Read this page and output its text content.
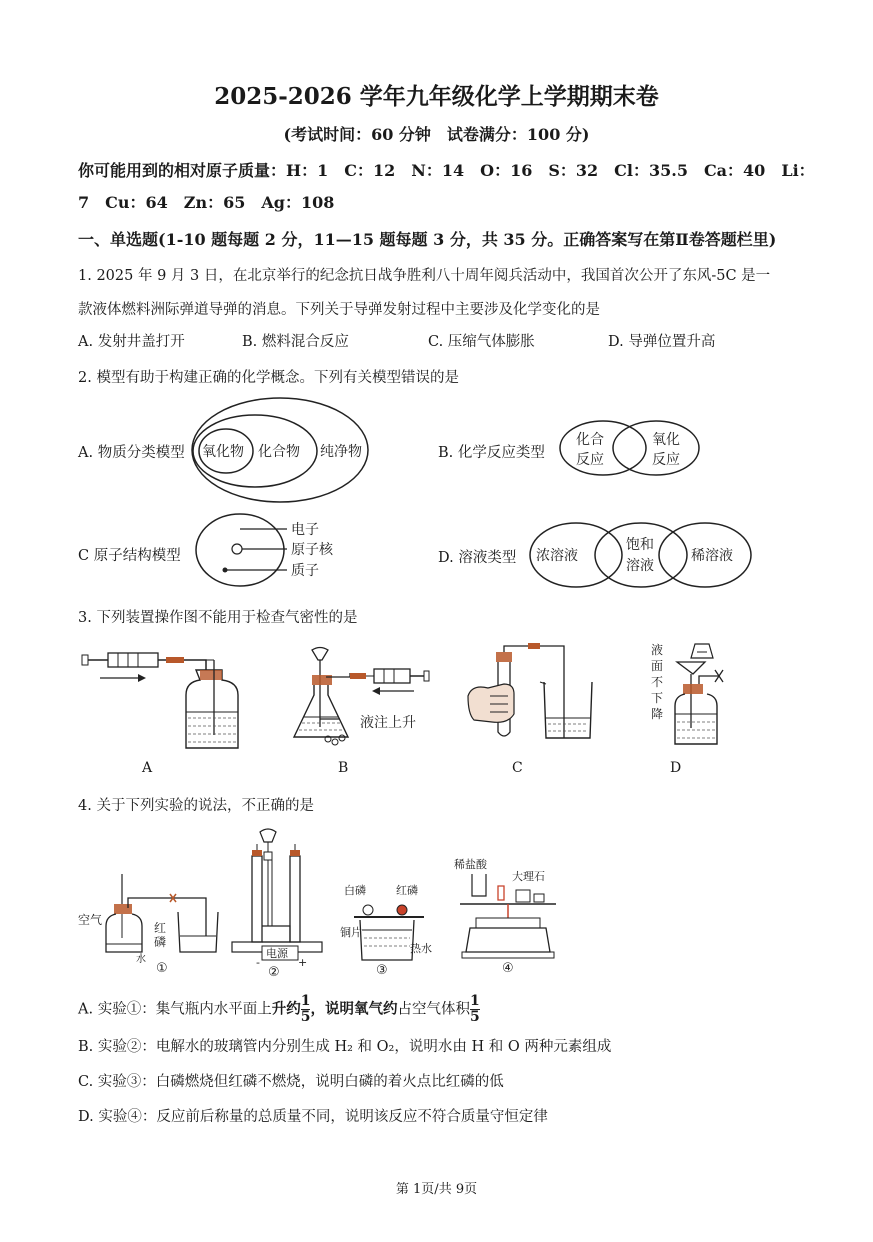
2025-2026 学年九年级化学上学期期末卷
(考试时间：60 分钟　试卷满分：100 分)
你可能用到的相对原子质量：H：1　C：12　N：14　O：16　S：32　Cl：35.5　Ca：40　Li：
7　Cu：64　Zn：65　Ag：108
一、单选题(1-10 题每题 2 分，11—15 题每题 3 分，共 35 分。正确答案写在第Ⅱ卷答题栏里)
1. 2025 年 9 月 3 日，在北京举行的纪念抗日战争胜利八十周年阅兵活动中，我国首次公开了东风-5C 是一
款液体燃料洲际弹道导弹的消息。下列关于导弹发射过程中主要涉及化学变化的是
A. 发射井盖打开	B. 燃料混合反应	C. 压缩气体膨胀	D. 导弹位置升高
2. 模型有助于构建正确的化学概念。下列有关模型错误的是
A. 物质分类模型 氧化物 化合物 纯净物	B. 化学反应类型
化合
反应
氧化
反应
C 原子结构模型
电子
原子核
质子
D. 溶液类型 浓溶液
饱和
溶液
稀溶液
3. 下列装置操作图不能用于检查气密性的是
A
液注上升
B	C
液
面
不
下
降
D
4. 关于下列实验的说法，不正确的是
空气
红
磷
水
①
电源
-	+
②
白磷	红磷
铜片
热水
③
稀盐酸
大理石
④
A. 实验①：集气瓶内水平面上升约 $\frac{1}{5}$ ，说明氧气约占空气体积 $\frac{1}{5}$
B. 实验②：电解水的玻璃管内分别生成 H₂ 和 O₂，说明水由 H 和 O 两种元素组成
C. 实验③：白磷燃烧但红磷不燃烧，说明白磷的着火点比红磷的低
D. 实验④：反应前后称量的总质量不同，说明该反应不符合质量守恒定律
第 1页/共 9页
